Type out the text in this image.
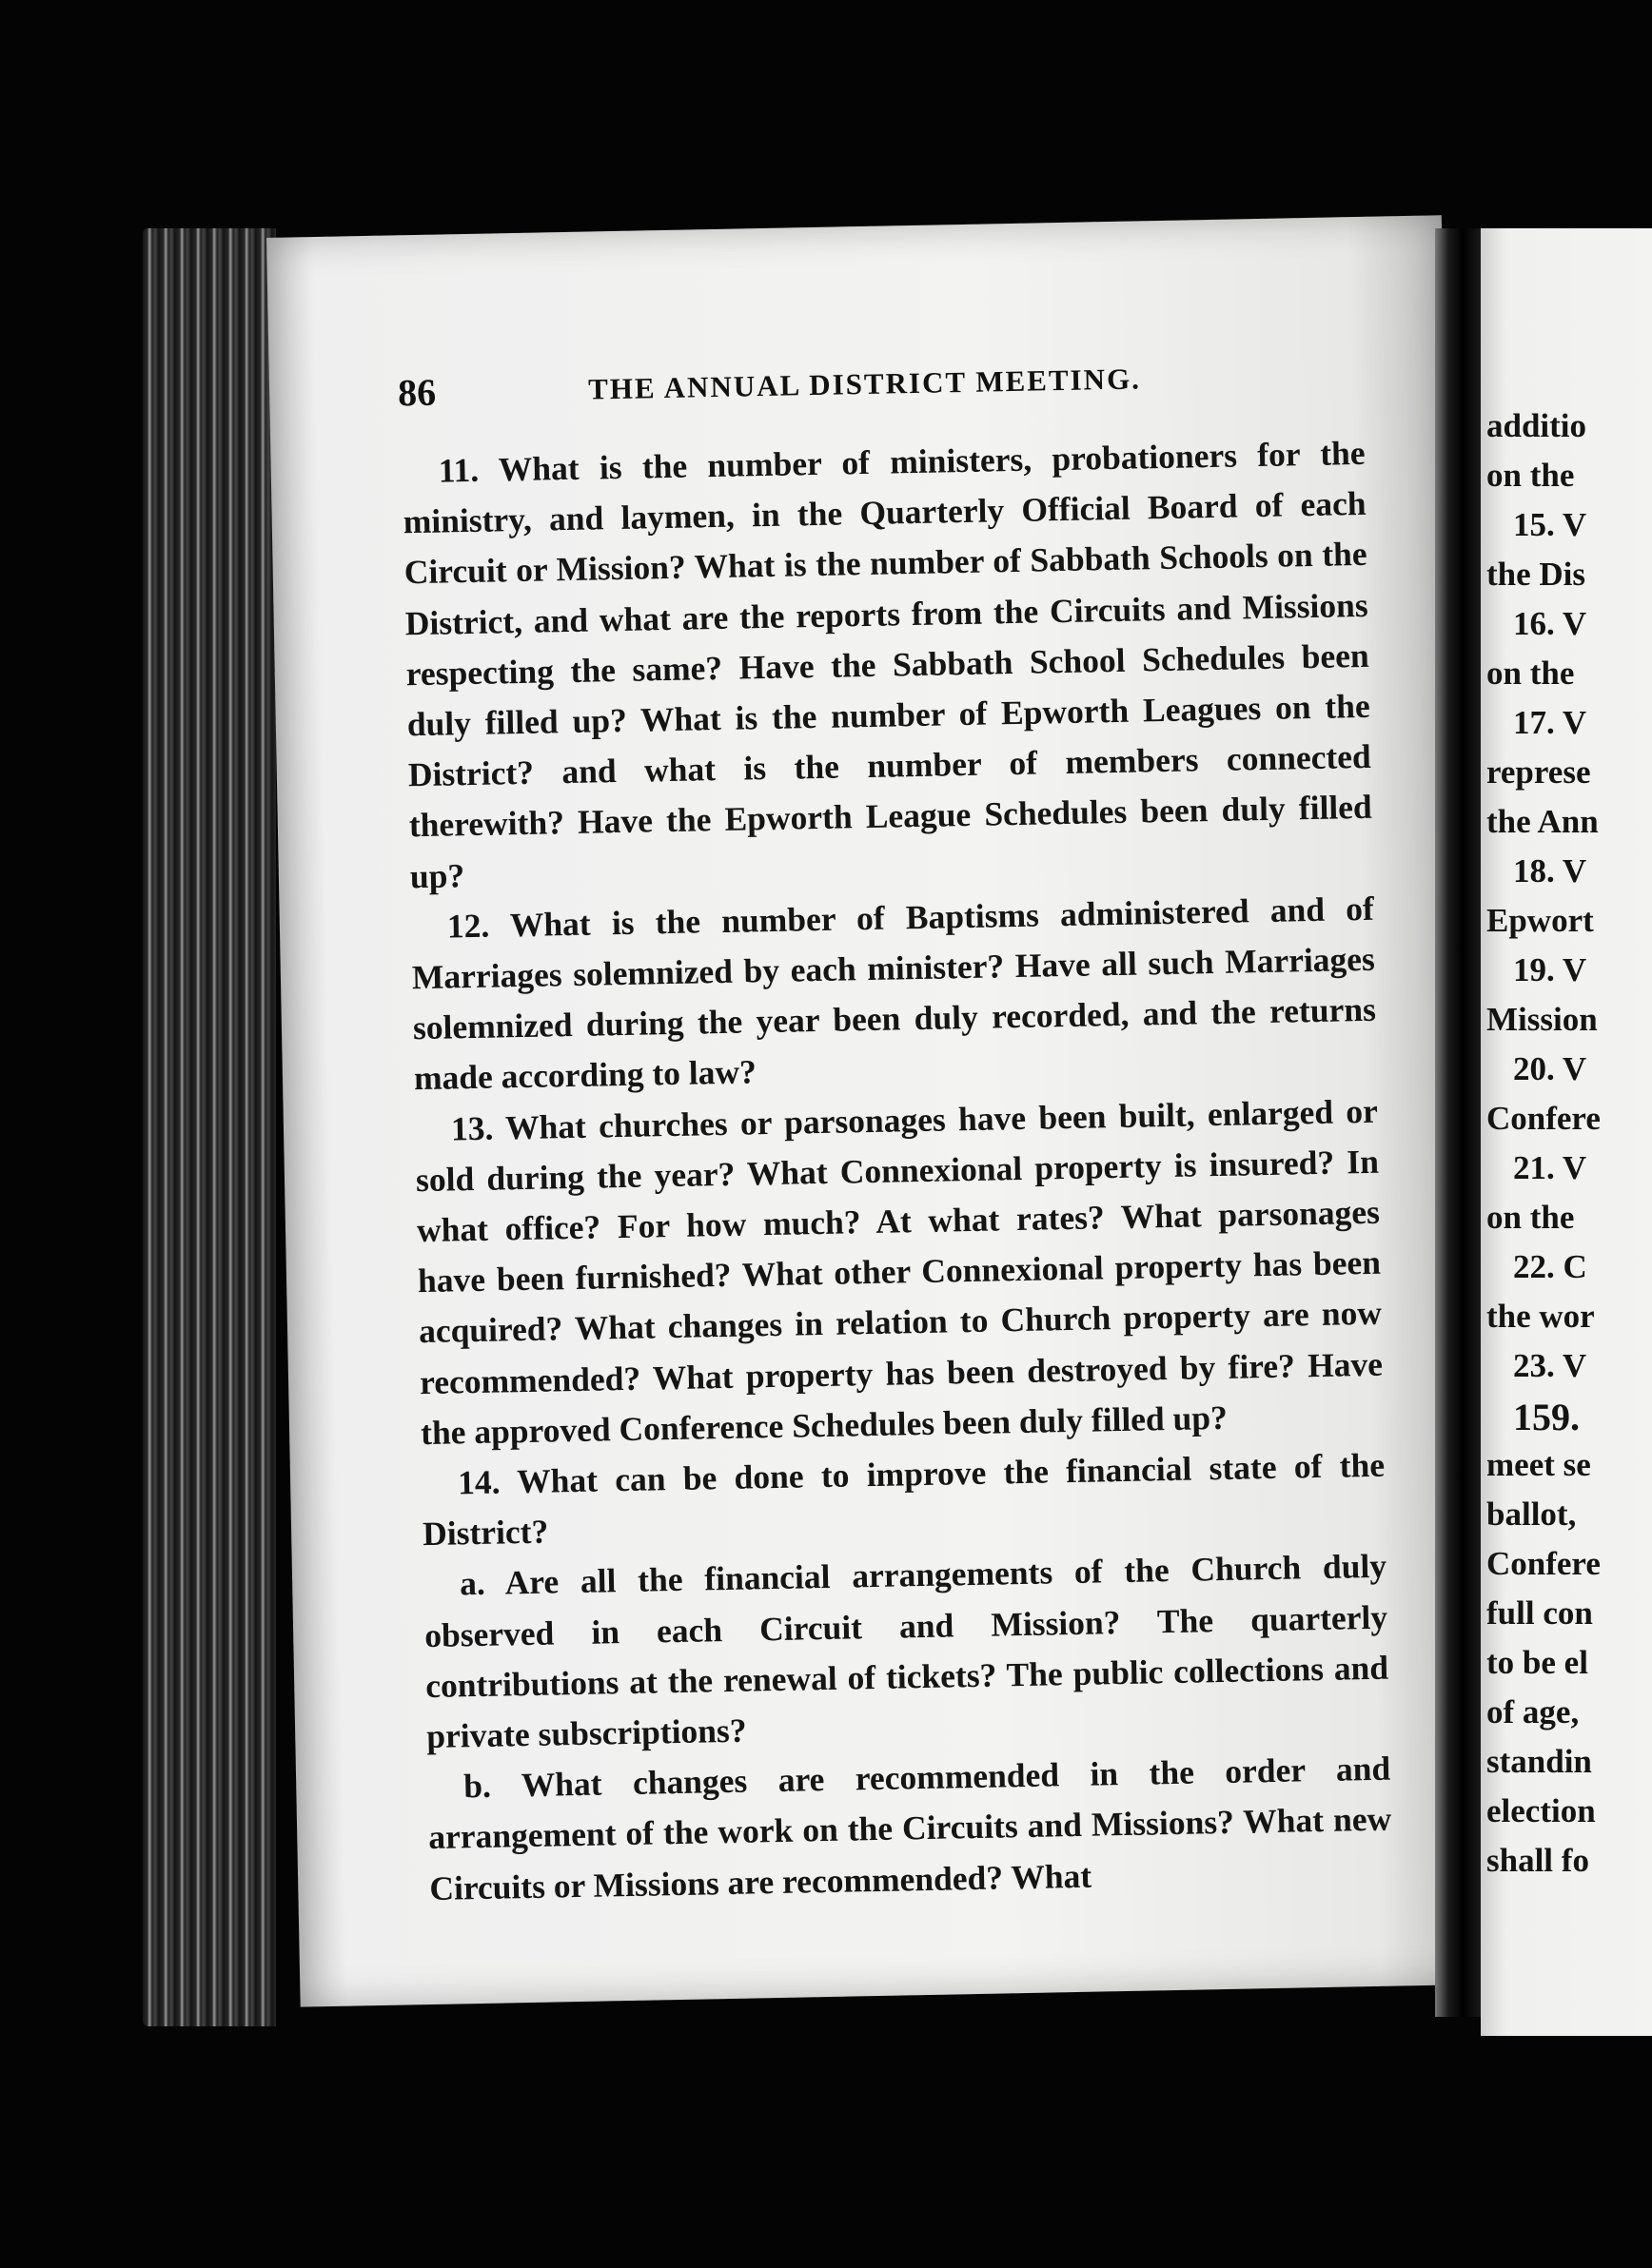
86	THE ANNUAL DISTRICT MEETING.

11. What is the number of ministers, probationers for the ministry, and laymen, in the Quarterly Official Board of each Circuit or Mission? What is the number of Sabbath Schools on the District, and what are the reports from the Circuits and Missions respecting the same? Have the Sabbath School Schedules been duly filled up? What is the number of Epworth Leagues on the District? and what is the number of members connected therewith? Have the Epworth League Schedules been duly filled up?

12. What is the number of Baptisms administered and of Marriages solemnized by each minister? Have all such Marriages solemnized during the year been duly recorded, and the returns made according to law?

13. What churches or parsonages have been built, enlarged or sold during the year? What Connexional property is insured? In what office? For how much? At what rates? What parsonages have been furnished? What other Connexional property has been acquired? What changes in relation to Church property are now recommended? What property has been destroyed by fire? Have the approved Conference Schedules been duly filled up?

14. What can be done to improve the financial state of the District?

a. Are all the financial arrangements of the Church duly observed in each Circuit and Mission? The quarterly contributions at the renewal of tickets? The public collections and private subscriptions?

b. What changes are recommended in the order and arrangement of the work on the Circuits and Missions? What new Circuits or Missions are recommended? What

additio
on the
15. V
the Dis
16. V
on the
17. V
represe
the Ann
18. V
Epwort
19. V
Mission
20. V
Confere
21. V
on the
22. C
the wor
23. V
159.
meet se
ballot,
Confere
full con
to be el
of age,
standin
election
shall fo
